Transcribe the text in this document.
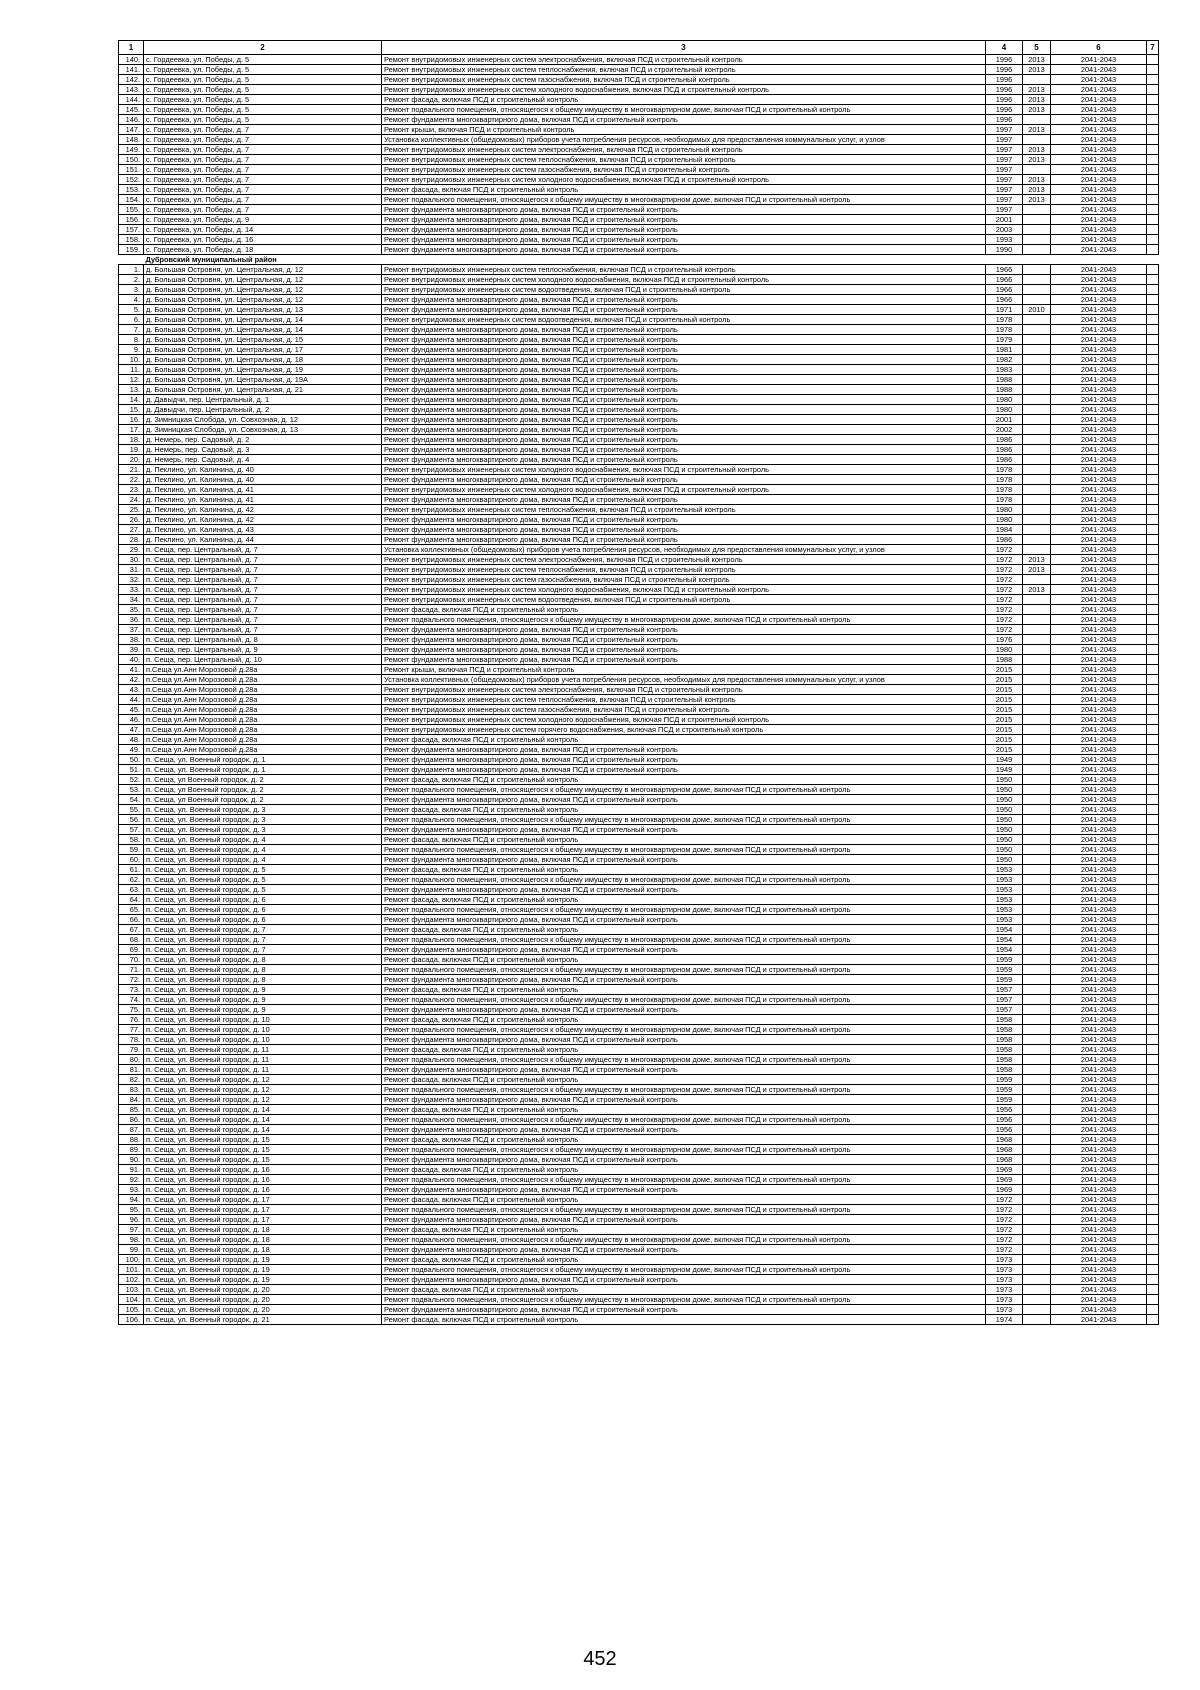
1	2	3	4	5	6	7
140.	с. Гордеевка, ул. Победы, д. 5	Ремонт внутридомовых инженерных систем электроснабжения, включая ПСД и строительный контроль	1996	2013	2041-2043	
141.	с. Гордеевка, ул. Победы, д. 5	Ремонт внутридомовых инженерных систем теплоснабжения, включая ПСД и строительный контроль	1996	2013	2041-2043	
142.	с. Гордеевка, ул. Победы, д. 5	Ремонт внутридомовых инженерных систем газоснабжения, включая ПСД и строительный контроль	1996		2041-2043	
143.	с. Гордеевка, ул. Победы, д. 5	Ремонт внутридомовых инженерных систем холодного водоснабжения, включая ПСД и строительный контроль	1996	2013	2041-2043	
144.	с. Гордеевка, ул. Победы, д. 5	Ремонт фасада, включая ПСД и строительный контроль	1996	2013	2041-2043	
145.	с. Гордеевка, ул. Победы, д. 5	Ремонт подвального помещения, относящегося к общему имуществу в многоквартирном доме, включая ПСД и строительный контроль	1996	2013	2041-2043	
146.	с. Гордеевка, ул. Победы, д. 5	Ремонт фундамента многоквартирного дома, включая ПСД и строительный контроль	1996		2041-2043	
147.	с. Гордеевка, ул. Победы, д. 7	Ремонт крыши, включая ПСД и строительный контроль	1997	2013	2041-2043	
148.	с. Гордеевка, ул. Победы, д. 7	Установка коллективных (общедомовых) приборов учета потребления ресурсов, необходимых для предоставления коммунальных услуг, и узлов	1997		2041-2043	
149.	с. Гордеевка, ул. Победы, д. 7	Ремонт внутридомовых инженерных систем электроснабжения, включая ПСД и строительный контроль	1997	2013	2041-2043	
150.	с. Гордеевка, ул. Победы, д. 7	Ремонт внутридомовых инженерных систем теплоснабжения, включая ПСД и строительный контроль	1997	2013	2041-2043	
151.	с. Гордеевка, ул. Победы, д. 7	Ремонт внутридомовых инженерных систем газоснабжения, включая ПСД и строительный контроль	1997		2041-2043	
152.	с. Гордеевка, ул. Победы, д. 7	Ремонт внутридомовых инженерных систем холодного водоснабжения, включая ПСД и строительный контроль	1997	2013	2041-2043	
153.	с. Гордеевка, ул. Победы, д. 7	Ремонт фасада, включая ПСД и строительный контроль	1997	2013	2041-2043	
154.	с. Гордеевка, ул. Победы, д. 7	Ремонт подвального помещения, относящегося к общему имуществу в многоквартирном доме, включая ПСД и строительный контроль	1997	2013	2041-2043	
155.	с. Гордеевка, ул. Победы, д. 7	Ремонт фундамента многоквартирного дома, включая ПСД и строительный контроль	1997		2041-2043	
156.	с. Гордеевка, ул. Победы, д. 9	Ремонт фундамента многоквартирного дома, включая ПСД и строительный контроль	2001		2041-2043	
157.	с. Гордеевка, ул. Победы, д. 14	Ремонт фундамента многоквартирного дома, включая ПСД и строительный контроль	2003		2041-2043	
158.	с. Гордеевка, ул. Победы, д. 16	Ремонт фундамента многоквартирного дома, включая ПСД и строительный контроль	1993		2041-2043	
159.	с. Гордеевка, ул. Победы, д. 18	Ремонт фундамента многоквартирного дома, включая ПСД и строительный контроль	1990		2041-2043	
	Дубровский муниципальный район					
1.	д. Большая Островня, ул. Центральная, д. 12	Ремонт внутридомовых инженерных систем теплоснабжения, включая ПСД и строительный контроль	1966		2041-2043	
2.	д. Большая Островня, ул. Центральная, д. 12	Ремонт внутридомовых инженерных систем холодного водоснабжения, включая ПСД и строительный контроль	1966		2041-2043	
3.	д. Большая Островня, ул. Центральная, д. 12	Ремонт внутридомовых инженерных систем водоотведения, включая ПСД и строительный контроль	1966		2041-2043	
4.	д. Большая Островня, ул. Центральная, д. 12	Ремонт фундамента многоквартирного дома, включая ПСД и строительный контроль	1966		2041-2043	
5.	д. Большая Островня, ул. Центральная, д. 13	Ремонт фундамента многоквартирного дома, включая ПСД и строительный контроль	1971	2010	2041-2043	
6.	д. Большая Островня, ул. Центральная, д. 14	Ремонт внутридомовых инженерных систем водоотведения, включая ПСД и строительный контроль	1978		2041-2043	
7.	д. Большая Островня, ул. Центральная, д. 14	Ремонт фундамента многоквартирного дома, включая ПСД и строительный контроль	1978		2041-2043	
8.	д. Большая Островня, ул. Центральная, д. 15	Ремонт фундамента многоквартирного дома, включая ПСД и строительный контроль	1979		2041-2043	
9.	д. Большая Островня, ул. Центральная, д. 17	Ремонт фундамента многоквартирного дома, включая ПСД и строительный контроль	1981		2041-2043	
10.	д. Большая Островня, ул. Центральная, д. 18	Ремонт фундамента многоквартирного дома, включая ПСД и строительный контроль	1982		2041-2043	
11.	д. Большая Островня, ул. Центральная, д. 19	Ремонт фундамента многоквартирного дома, включая ПСД и строительный контроль	1983		2041-2043	
12.	д. Большая Островня, ул. Центральная, д. 19А	Ремонт фундамента многоквартирного дома, включая ПСД и строительный контроль	1988		2041-2043	
13.	д. Большая Островня, ул. Центральная, д. 21	Ремонт фундамента многоквартирного дома, включая ПСД и строительный контроль	1988		2041-2043	
14.	д. Давыдчи, пер. Центральный, д. 1	Ремонт фундамента многоквартирного дома, включая ПСД и строительный контроль	1980		2041-2043	
15.	д. Давыдчи, пер. Центральный, д. 2	Ремонт фундамента многоквартирного дома, включая ПСД и строительный контроль	1980		2041-2043	
16.	д. Зимницкая Слобода, ул. Совхозная, д. 12	Ремонт фундамента многоквартирного дома, включая ПСД и строительный контроль	2001		2041-2043	
17.	д. Зимницкая Слобода, ул. Совхозная, д. 13	Ремонт фундамента многоквартирного дома, включая ПСД и строительный контроль	2002		2041-2043	
18.	д. Немерь, пер. Садовый, д. 2	Ремонт фундамента многоквартирного дома, включая ПСД и строительный контроль	1986		2041-2043	
19.	д. Немерь, пер. Садовый, д. 3	Ремонт фундамента многоквартирного дома, включая ПСД и строительный контроль	1986		2041-2043	
20.	д. Немерь, пер. Садовый, д. 4	Ремонт фундамента многоквартирного дома, включая ПСД и строительный контроль	1986		2041-2043	
21.	д. Пеклино, ул. Калинина, д. 40	Ремонт внутридомовых инженерных систем холодного водоснабжения, включая ПСД и строительный контроль	1978		2041-2043	
22.	д. Пеклино, ул. Калинина, д. 40	Ремонт фундамента многоквартирного дома, включая ПСД и строительный контроль	1978		2041-2043	
23.	д. Пеклино, ул. Калинина, д. 41	Ремонт внутридомовых инженерных систем холодного водоснабжения, включая ПСД и строительный контроль	1978		2041-2043	
24.	д. Пеклино, ул. Калинина, д. 41	Ремонт фундамента многоквартирного дома, включая ПСД и строительный контроль	1978		2041-2043	
25.	д. Пеклино, ул. Калинина, д. 42	Ремонт внутридомовых инженерных систем теплоснабжения, включая ПСД и строительный контроль	1980		2041-2043	
26.	д. Пеклино, ул. Калинина, д. 42	Ремонт фундамента многоквартирного дома, включая ПСД и строительный контроль	1980		2041-2043	
27.	д. Пеклино, ул. Калинина, д. 43	Ремонт фундамента многоквартирного дома, включая ПСД и строительный контроль	1984		2041-2043	
28.	д. Пеклино, ул. Калинина, д. 44	Ремонт фундамента многоквартирного дома, включая ПСД и строительный контроль	1986		2041-2043	
29.	п. Сеща, пер. Центральный, д. 7	Установка коллективных (общедомовых) приборов учета потребления ресурсов, необходимых для предоставления коммунальных услуг, и узлов	1972		2041-2043	
30.	п. Сеща, пер. Центральный, д. 7	Ремонт внутридомовых инженерных систем электроснабжения, включая ПСД и строительный контроль	1972	2013	2041-2043	
31.	п. Сеща, пер. Центральный, д. 7	Ремонт внутридомовых инженерных систем теплоснабжения, включая ПСД и строительный контроль	1972	2013	2041-2043	
32.	п. Сеща, пер. Центральный, д. 7	Ремонт внутридомовых инженерных систем газоснабжения, включая ПСД и строительный контроль	1972		2041-2043	
33.	п. Сеща, пер. Центральный, д. 7	Ремонт внутридомовых инженерных систем холодного водоснабжения, включая ПСД и строительный контроль	1972	2013	2041-2043	
34.	п. Сеща, пер. Центральный, д. 7	Ремонт внутридомовых инженерных систем водоотведения, включая ПСД и строительный контроль	1972		2041-2043	
35.	п. Сеща, пер. Центральный, д. 7	Ремонт фасада, включая ПСД и строительный контроль	1972		2041-2043	
36.	п. Сеща, пер. Центральный, д. 7	Ремонт подвального помещения, относящегося к общему имуществу в многоквартирном доме, включая ПСД и строительный контроль	1972		2041-2043	
37.	п. Сеща, пер. Центральный, д. 7	Ремонт фундамента многоквартирного дома, включая ПСД и строительный контроль	1972		2041-2043	
38.	п. Сеща, пер. Центральный, д. 8	Ремонт фундамента многоквартирного дома, включая ПСД и строительный контроль	1976		2041-2043	
39.	п. Сеща, пер. Центральный, д. 9	Ремонт фундамента многоквартирного дома, включая ПСД и строительный контроль	1980		2041-2043	
40.	п. Сеща, пер. Центральный, д. 10	Ремонт фундамента многоквартирного дома, включая ПСД и строительный контроль	1988		2041-2043	
41.	п.Сеща ул.Анн Морозовой д.28а	Ремонт крыши, включая ПСД и строительный контроль	2015		2041-2043	
42.	п.Сеща ул.Анн Морозовой д.28а	Установка коллективных (общедомовых) приборов учета потребления ресурсов, необходимых для предоставления коммунальных услуг, и узлов	2015		2041-2043	
43.	п.Сеща ул.Анн Морозовой д.28а	Ремонт внутридомовых инженерных систем электроснабжения, включая ПСД и строительный контроль	2015		2041-2043	
44.	п.Сеща ул.Анн Морозовой д.28а	Ремонт внутридомовых инженерных систем теплоснабжения, включая ПСД и строительный контроль	2015		2041-2043	
45.	п.Сеща ул.Анн Морозовой д.28а	Ремонт внутридомовых инженерных систем газоснабжения, включая ПСД и строительный контроль	2015		2041-2043	
46.	п.Сеща ул.Анн Морозовой д.28а	Ремонт внутридомовых инженерных систем холодного водоснабжения, включая ПСД и строительный контроль	2015		2041-2043	
47.	п.Сеща ул.Анн Морозовой д.28а	Ремонт внутридомовых инженерных систем горячего водоснабжения, включая ПСД и строительный контроль	2015		2041-2043	
48.	п.Сеща ул.Анн Морозовой д.28а	Ремонт фасада, включая ПСД и строительный контроль	2015		2041-2043	
49.	п.Сеща ул.Анн Морозовой д.28а	Ремонт фундамента многоквартирного дома, включая ПСД и строительный контроль	2015		2041-2043	
50.	п. Сеща, ул. Военный городок, д. 1	Ремонт фундамента многоквартирного дома, включая ПСД и строительный контроль	1949		2041-2043	
51.	п. Сеща, ул. Военный городок, д. 1	Ремонт фундамента многоквартирного дома, включая ПСД и строительный контроль	1949		2041-2043	
52.	п. Сеща, ул Военный городок, д. 2	Ремонт фасада, включая ПСД и строительный контроль	1950		2041-2043	
53.	п. Сеща, ул Военный городок, д. 2	Ремонт подвального помещения, относящегося к общему имуществу в многоквартирном доме, включая ПСД и строительный контроль	1950		2041-2043	
54.	п. Сеща, ул Военный городок, д. 2	Ремонт фундамента многоквартирного дома, включая ПСД и строительный контроль	1950		2041-2043	
55.	п. Сеща, ул. Военный городок, д. 3	Ремонт фасада, включая ПСД и строительный контроль	1950		2041-2043	
56.	п. Сеща, ул. Военный городок, д. 3	Ремонт подвального помещения, относящегося к общему имуществу в многоквартирном доме, включая ПСД и строительный контроль	1950		2041-2043	
57.	п. Сеща, ул. Военный городок, д. 3	Ремонт фундамента многоквартирного дома, включая ПСД и строительный контроль	1950		2041-2043	
58.	п. Сеща, ул. Военный городок, д. 4	Ремонт фасада, включая ПСД и строительный контроль	1950		2041-2043	
59.	п. Сеща, ул. Военный городок, д. 4	Ремонт подвального помещения, относящегося к общему имуществу в многоквартирном доме, включая ПСД и строительный контроль	1950		2041-2043	
60.	п. Сеща, ул. Военный городок, д. 4	Ремонт фундамента многоквартирного дома, включая ПСД и строительный контроль	1950		2041-2043	
61.	п. Сеща, ул. Военный городок, д. 5	Ремонт фасада, включая ПСД и строительный контроль	1953		2041-2043	
62.	п. Сеща, ул. Военный городок, д. 5	Ремонт подвального помещения, относящегося к общему имуществу в многоквартирном доме, включая ПСД и строительный контроль	1953		2041-2043	
63.	п. Сеща, ул. Военный городок, д. 5	Ремонт фундамента многоквартирного дома, включая ПСД и строительный контроль	1953		2041-2043	
64.	п. Сеща, ул. Военный городок, д. 6	Ремонт фасада, включая ПСД и строительный контроль	1953		2041-2043	
65.	п. Сеща, ул. Военный городок, д. 6	Ремонт подвального помещения, относящегося к общему имуществу в многоквартирном доме, включая ПСД и строительный контроль	1953		2041-2043	
66.	п. Сеща, ул. Военный городок, д. 6	Ремонт фундамента многоквартирного дома, включая ПСД и строительный контроль	1953		2041-2043	
67.	п. Сеща, ул. Военный городок, д. 7	Ремонт фасада, включая ПСД и строительный контроль	1954		2041-2043	
68.	п. Сеща, ул. Военный городок, д. 7	Ремонт подвального помещения, относящегося к общему имуществу в многоквартирном доме, включая ПСД и строительный контроль	1954		2041-2043	
69.	п. Сеща, ул. Военный городок, д. 7	Ремонт фундамента многоквартирного дома, включая ПСД и строительный контроль	1954		2041-2043	
70.	п. Сеща, ул. Военный городок, д. 8	Ремонт фасада, включая ПСД и строительный контроль	1959		2041-2043	
71.	п. Сеща, ул. Военный городок, д. 8	Ремонт подвального помещения, относящегося к общему имуществу в многоквартирном доме, включая ПСД и строительный контроль	1959		2041-2043	
72.	п. Сеща, ул. Военный городок, д. 8	Ремонт фундамента многоквартирного дома, включая ПСД и строительный контроль	1959		2041-2043	
73.	п. Сеща, ул. Военный городок, д. 9	Ремонт фасада, включая ПСД и строительный контроль	1957		2041-2043	
74.	п. Сеща, ул. Военный городок, д. 9	Ремонт подвального помещения, относящегося к общему имуществу в многоквартирном доме, включая ПСД и строительный контроль	1957		2041-2043	
75.	п. Сеща, ул. Военный городок, д. 9	Ремонт фундамента многоквартирного дома, включая ПСД и строительный контроль	1957		2041-2043	
76.	п. Сеща, ул. Военный городок, д. 10	Ремонт фасада, включая ПСД и строительный контроль	1958		2041-2043	
77.	п. Сеща, ул. Военный городок, д. 10	Ремонт подвального помещения, относящегося к общему имуществу в многоквартирном доме, включая ПСД и строительный контроль	1958		2041-2043	
78.	п. Сеща, ул. Военный городок, д. 10	Ремонт фундамента многоквартирного дома, включая ПСД и строительный контроль	1958		2041-2043	
79.	п. Сеща, ул. Военный городок, д. 11	Ремонт фасада, включая ПСД и строительный контроль	1958		2041-2043	
80.	п. Сеща, ул. Военный городок, д. 11	Ремонт подвального помещения, относящегося к общему имуществу в многоквартирном доме, включая ПСД и строительный контроль	1958		2041-2043	
81.	п. Сеща, ул. Военный городок, д. 11	Ремонт фундамента многоквартирного дома, включая ПСД и строительный контроль	1958		2041-2043	
82.	п. Сеща, ул. Военный городок, д. 12	Ремонт фасада, включая ПСД и строительный контроль	1959		2041-2043	
83.	п. Сеща, ул. Военный городок, д. 12	Ремонт подвального помещения, относящегося к общему имуществу в многоквартирном доме, включая ПСД и строительный контроль	1959		2041-2043	
84.	п. Сеща, ул. Военный городок, д. 12	Ремонт фундамента многоквартирного дома, включая ПСД и строительный контроль	1959		2041-2043	
85.	п. Сеща, ул. Военный городок, д. 14	Ремонт фасада, включая ПСД и строительный контроль	1956		2041-2043	
86.	п. Сеща, ул. Военный городок, д. 14	Ремонт подвального помещения, относящегося к общему имуществу в многоквартирном доме, включая ПСД и строительный контроль	1956		2041-2043	
87.	п. Сеща, ул. Военный городок, д. 14	Ремонт фундамента многоквартирного дома, включая ПСД и строительный контроль	1956		2041-2043	
88.	п. Сеща, ул. Военный городок, д. 15	Ремонт фасада, включая ПСД и строительный контроль	1968		2041-2043	
89.	п. Сеща, ул. Военный городок, д. 15	Ремонт подвального помещения, относящегося к общему имуществу в многоквартирном доме, включая ПСД и строительный контроль	1968		2041-2043	
90.	п. Сеща, ул. Военный городок, д. 15	Ремонт фундамента многоквартирного дома, включая ПСД и строительный контроль	1968		2041-2043	
91.	п. Сеща, ул. Военный городок, д. 16	Ремонт фасада, включая ПСД и строительный контроль	1969		2041-2043	
92.	п. Сеща, ул. Военный городок, д. 16	Ремонт подвального помещения, относящегося к общему имуществу в многоквартирном доме, включая ПСД и строительный контроль	1969		2041-2043	
93.	п. Сеща, ул. Военный городок, д. 16	Ремонт фундамента многоквартирного дома, включая ПСД и строительный контроль	1969		2041-2043	
94.	п. Сеща, ул. Военный городок, д. 17	Ремонт фасада, включая ПСД и строительный контроль	1972		2041-2043	
95.	п. Сеща, ул. Военный городок, д. 17	Ремонт подвального помещения, относящегося к общему имуществу в многоквартирном доме, включая ПСД и строительный контроль	1972		2041-2043	
96.	п. Сеща, ул. Военный городок, д. 17	Ремонт фундамента многоквартирного дома, включая ПСД и строительный контроль	1972		2041-2043	
97.	п. Сеща, ул. Военный городок, д. 18	Ремонт фасада, включая ПСД и строительный контроль	1972		2041-2043	
98.	п. Сеща, ул. Военный городок, д. 18	Ремонт подвального помещения, относящегося к общему имуществу в многоквартирном доме, включая ПСД и строительный контроль	1972		2041-2043	
99.	п. Сеща, ул. Военный городок, д. 18	Ремонт фундамента многоквартирного дома, включая ПСД и строительный контроль	1972		2041-2043	
100.	п. Сеща, ул. Военный городок, д. 19	Ремонт фасада, включая ПСД и строительный контроль	1973		2041-2043	
101.	п. Сеща, ул. Военный городок, д. 19	Ремонт подвального помещения, относящегося к общему имуществу в многоквартирном доме, включая ПСД и строительный контроль	1973		2041-2043	
102.	п. Сеща, ул. Военный городок, д. 19	Ремонт фундамента многоквартирного дома, включая ПСД и строительный контроль	1973		2041-2043	
103.	п. Сеща, ул. Военный городок, д. 20	Ремонт фасада, включая ПСД и строительный контроль	1973		2041-2043	
104.	п. Сеща, ул. Военный городок, д. 20	Ремонт подвального помещения, относящегося к общему имуществу в многоквартирном доме, включая ПСД и строительный контроль	1973		2041-2043	
105.	п. Сеща, ул. Военный городок, д. 20	Ремонт фундамента многоквартирного дома, включая ПСД и строительный контроль	1973		2041-2043	
106.	п. Сеща, ул. Военный городок, д. 21	Ремонт фасада, включая ПСД и строительный контроль	1974		2041-2043	
452
